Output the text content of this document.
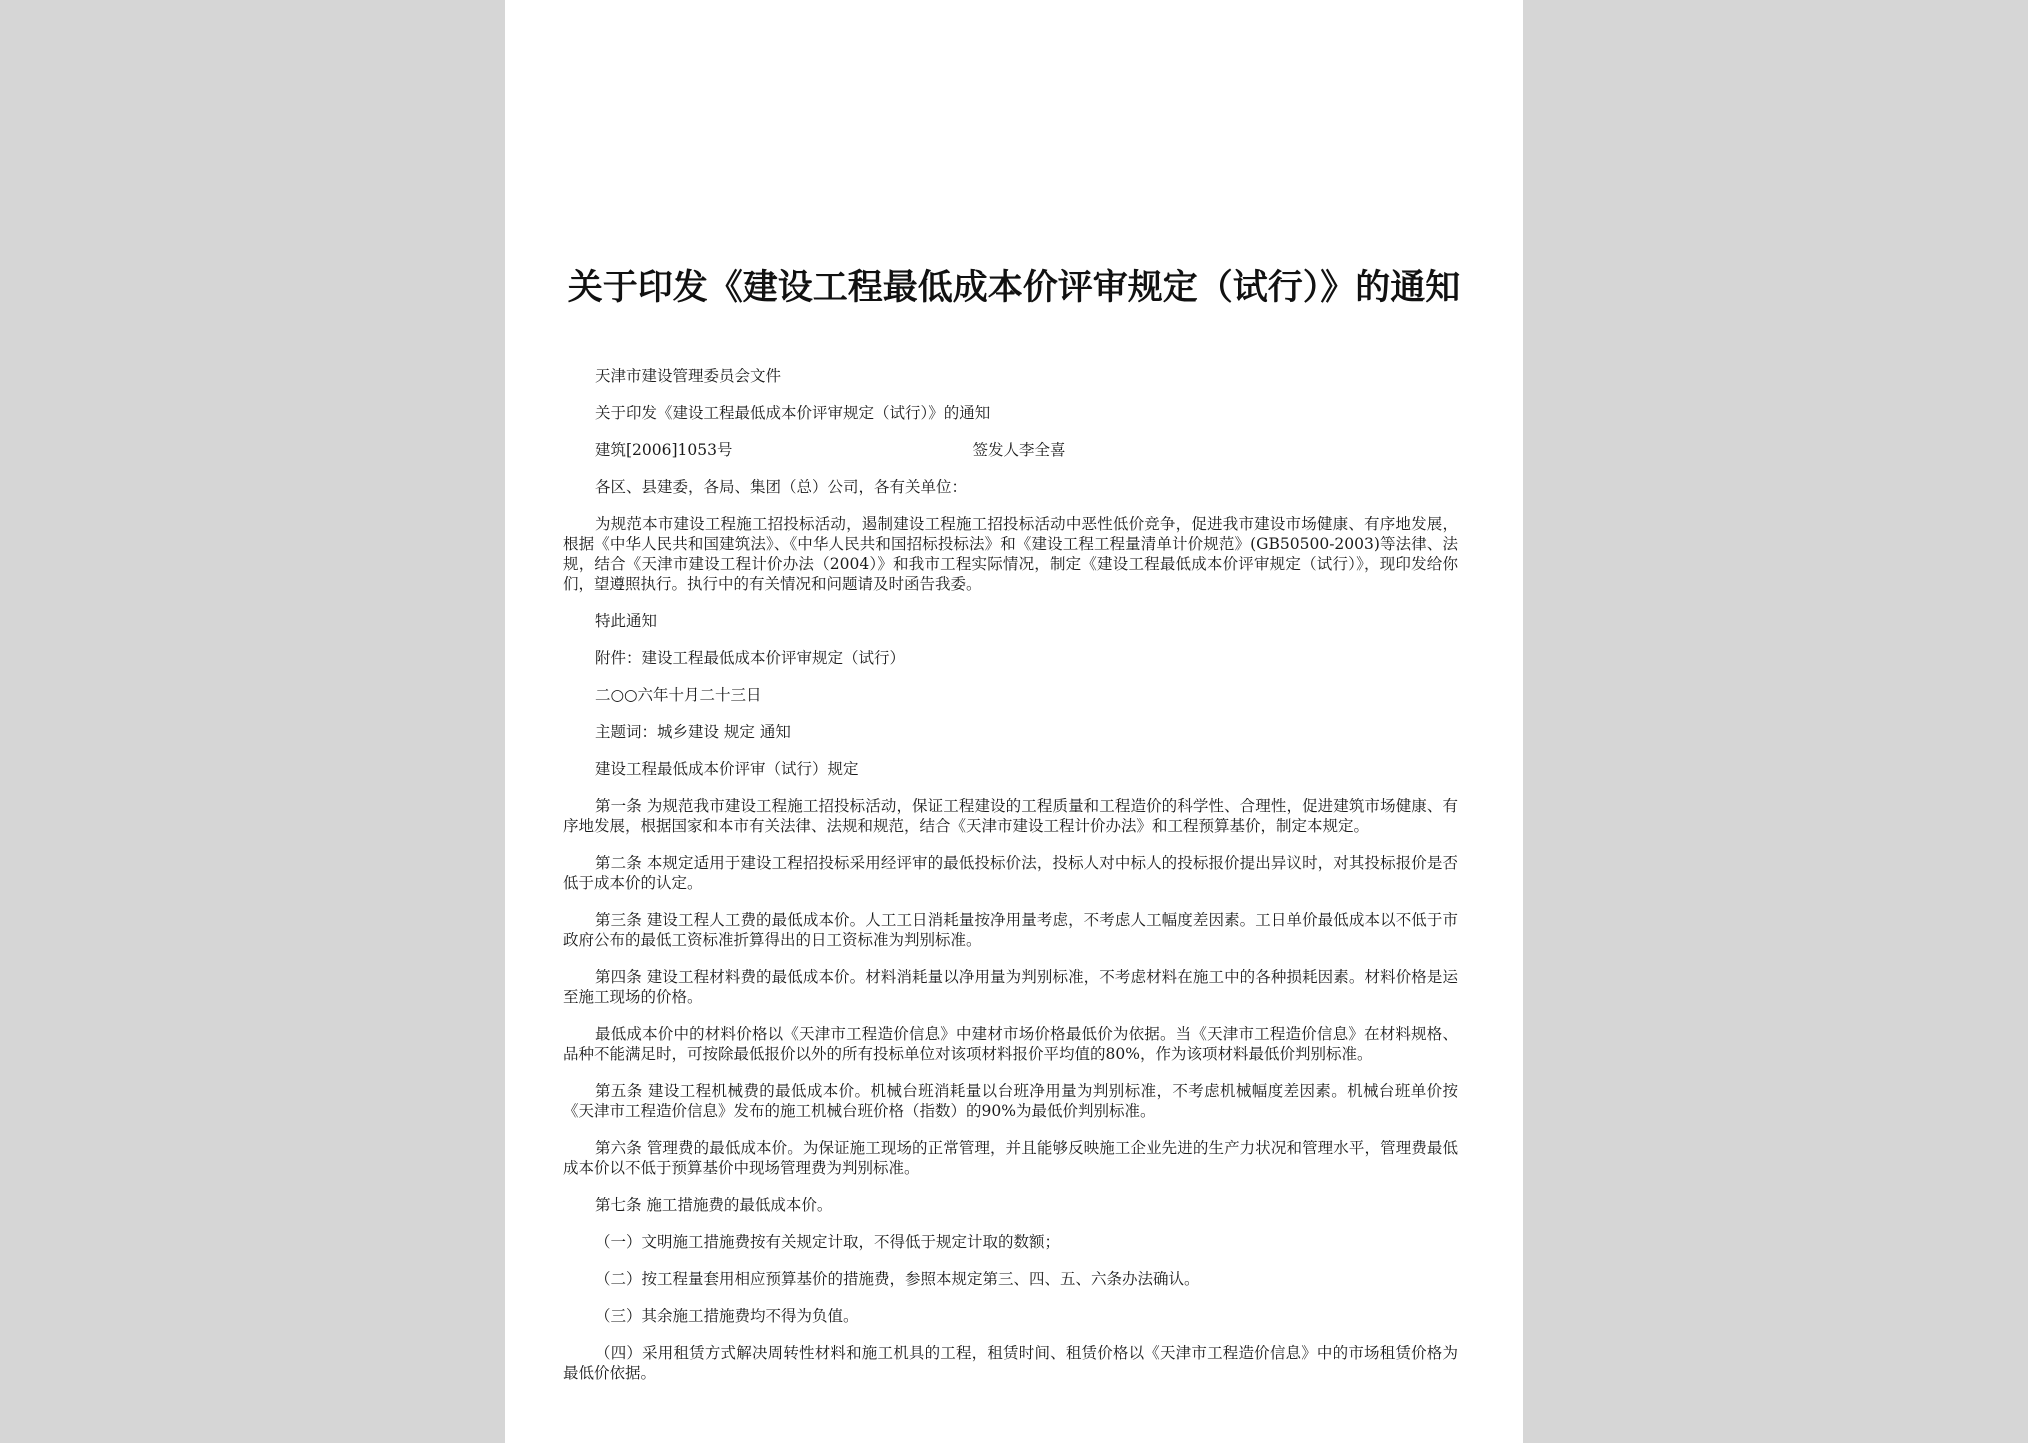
关于印发《建设工程最低成本价评审规定（试行）》的通知

天津市建设管理委员会文件

关于印发《建设工程最低成本价评审规定（试行）》的通知

建筑[2006]1053号	签发人李全喜

各区、县建委，各局、集团（总）公司，各有关单位：

为规范本市建设工程施工招投标活动，遏制建设工程施工招投标活动中恶性低价竞争，促进我市建设市场健康、有序地发展，根据《中华人民共和国建筑法》、《中华人民共和国招标投标法》和《建设工程工程量清单计价规范》(GB50500-2003)等法律、法规，结合《天津市建设工程计价办法（2004）》和我市工程实际情况，制定《建设工程最低成本价评审规定（试行）》，现印发给你们，望遵照执行。执行中的有关情况和问题请及时函告我委。

特此通知

附件：建设工程最低成本价评审规定（试行）

二○○六年十月二十三日

主题词：城乡建设 规定 通知

建设工程最低成本价评审（试行）规定

第一条 为规范我市建设工程施工招投标活动，保证工程建设的工程质量和工程造价的科学性、合理性，促进建筑市场健康、有序地发展，根据国家和本市有关法律、法规和规范，结合《天津市建设工程计价办法》和工程预算基价，制定本规定。

第二条 本规定适用于建设工程招投标采用经评审的最低投标价法，投标人对中标人的投标报价提出异议时，对其投标报价是否低于成本价的认定。

第三条 建设工程人工费的最低成本价。人工工日消耗量按净用量考虑，不考虑人工幅度差因素。工日单价最低成本以不低于市政府公布的最低工资标准折算得出的日工资标准为判别标准。

第四条 建设工程材料费的最低成本价。材料消耗量以净用量为判别标准，不考虑材料在施工中的各种损耗因素。材料价格是运至施工现场的价格。

最低成本价中的材料价格以《天津市工程造价信息》中建材市场价格最低价为依据。当《天津市工程造价信息》在材料规格、品种不能满足时，可按除最低报价以外的所有投标单位对该项材料报价平均值的80%，作为该项材料最低价判别标准。

第五条 建设工程机械费的最低成本价。机械台班消耗量以台班净用量为判别标准，不考虑机械幅度差因素。机械台班单价按《天津市工程造价信息》发布的施工机械台班价格（指数）的90%为最低价判别标准。

第六条 管理费的最低成本价。为保证施工现场的正常管理，并且能够反映施工企业先进的生产力状况和管理水平，管理费最低成本价以不低于预算基价中现场管理费为判别标准。

第七条 施工措施费的最低成本价。

（一）文明施工措施费按有关规定计取，不得低于规定计取的数额；

（二）按工程量套用相应预算基价的措施费，参照本规定第三、四、五、六条办法确认。

（三）其余施工措施费均不得为负值。

（四）采用租赁方式解决周转性材料和施工机具的工程，租赁时间、租赁价格以《天津市工程造价信息》中的市场租赁价格为最低价依据。
